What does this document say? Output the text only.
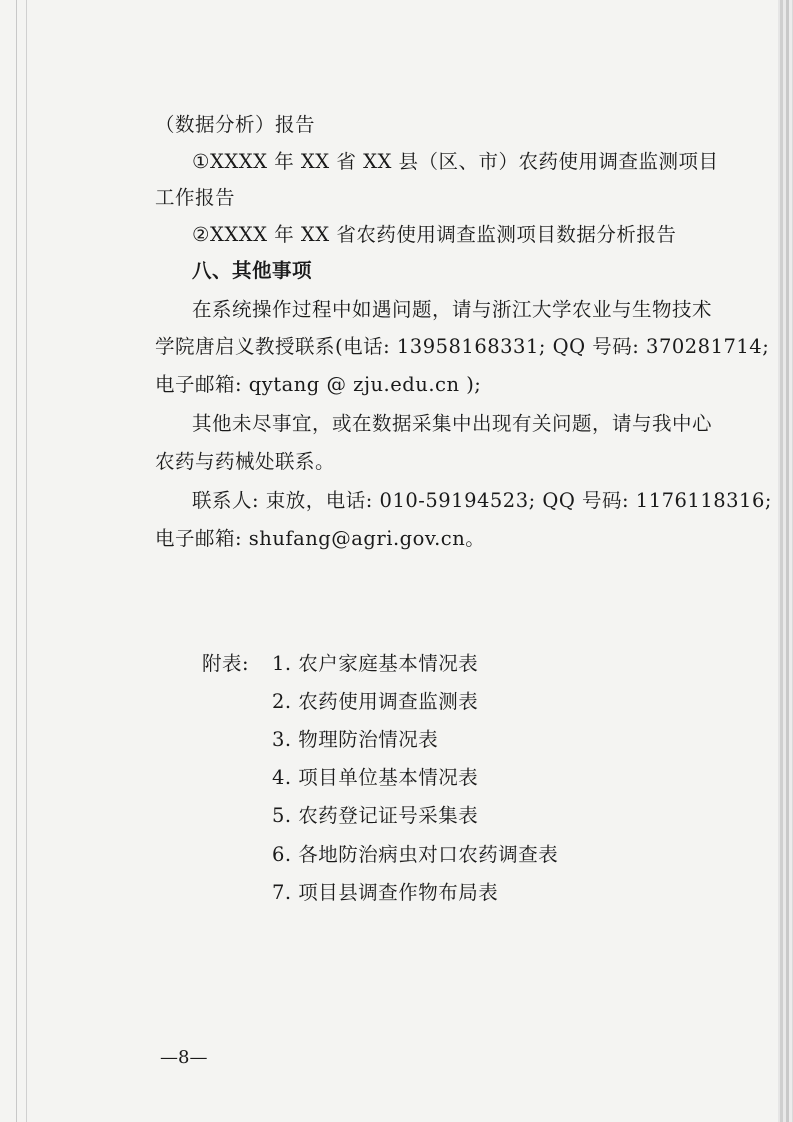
（数据分析）报告
①XXXX 年 XX 省 XX 县（区、市）农药使用调查监测项目
工作报告
②XXXX 年 XX 省农药使用调查监测项目数据分析报告
八、其他事项
在系统操作过程中如遇问题，请与浙江大学农业与生物技术
学院唐启义教授联系(电话: 13958168331; QQ 号码: 370281714;
电子邮箱: qytang @ zju.edu.cn );
其他未尽事宜，或在数据采集中出现有关问题，请与我中心
农药与药械处联系。
联系人: 束放，电话: 010-59194523; QQ 号码: 1176118316;
电子邮箱: shufang@agri.gov.cn。
附表: 1. 农户家庭基本情况表
2. 农药使用调查监测表
3. 物理防治情况表
4. 项目单位基本情况表
5. 农药登记证号采集表
6. 各地防治病虫对口农药调查表
7. 项目县调查作物布局表
—8—
